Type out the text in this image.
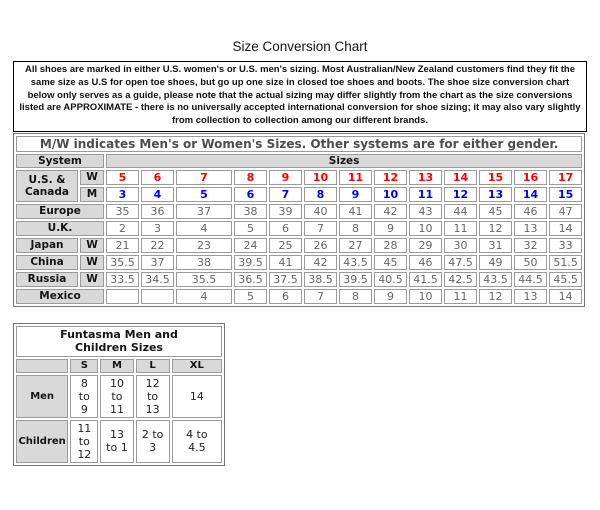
Size Conversion Chart
All shoes are marked in either U.S. women's or U.S. men's sizing. Most Australian/New Zealand customers find they fit the same size as U.S for open toe shoes, but go up one size in closed toe shoes and boots. The shoe size conversion chart below only serves as a guide, please note that the actual sizing may differ slightly from the chart as the size conversions listed are APPROXIMATE - there is no universally accepted international conversion for shoe sizing; it may also vary slightly from collection to collection among our different brands.
M/W indicates Men's or Women's Sizes. Other systems are for either gender.														
System		Sizes												
U.S. & Canada	W	5	6	7	8	9	10	11	12	13	14	15	16	17
	M	3	4	5	6	7	8	9	10	11	12	13	14	15
Europe		35	36	37	38	39	40	41	42	43	44	45	46	47
U.K.		2	3	4	5	6	7	8	9	10	11	12	13	14
Japan	W	21	22	23	24	25	26	27	28	29	30	31	32	33
China	W	35.5	37	38	39.5	41	42	43.5	45	46	47.5	49	50	51.5
Russia	W	33.5	34.5	35.5	36.5	37.5	38.5	39.5	40.5	41.5	42.5	43.5	44.5	45.5
Mexico				4	5	6	7	8	9	10	11	12	13	14
Funtasma Men and Children Sizes				
	S	M	L	XL
Men	8 to 9	10 to 11	12 to 13	14
Children	11 to 12	13 to 1	2 to 3	4 to 4.5
